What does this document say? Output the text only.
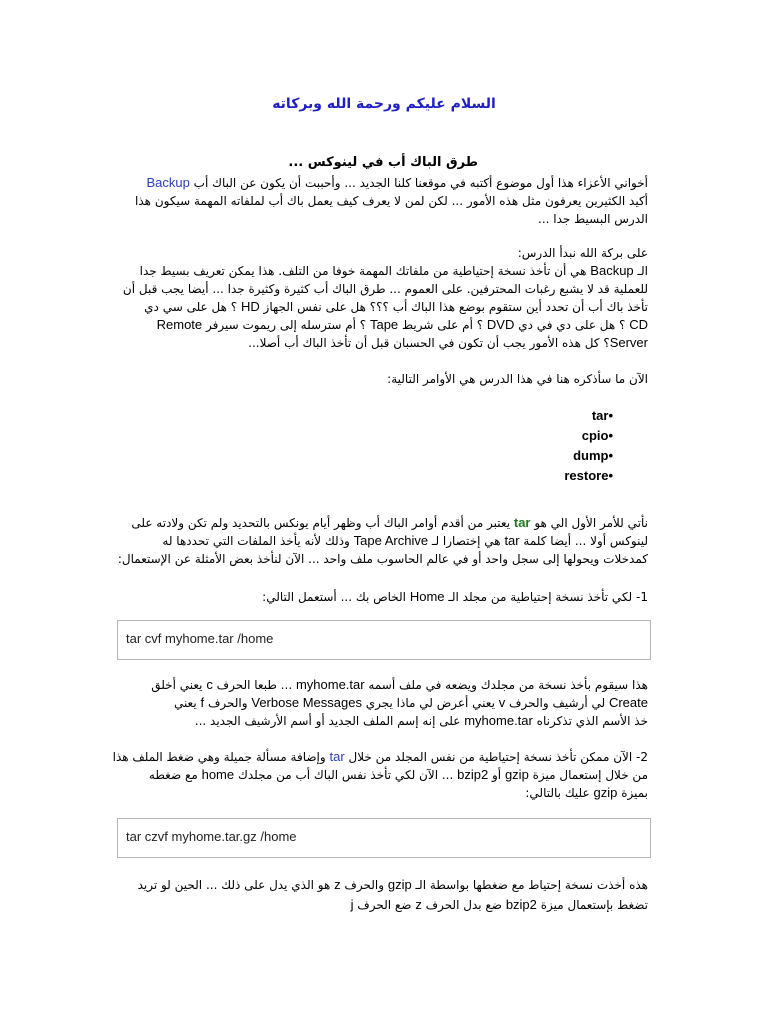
السلام عليكم ورحمة الله وبركاته
طرق الباك أب في لينوكس ...
أخواني الأعزاء هذا أول موضوع أكتبه في موقعنا كلنا الجديد ... وأحببت أن يكون عن الباك أب Backup
أكيد الكثيرين يعرفون مثل هذه الأمور ... لكن لمن لا يعرف كيف يعمل باك أب لملفاته المهمة سيكون هذا
الدرس البسيط جدا ...
على بركة الله نبدأ الدرس:
الـ Backup هي أن تأخذ نسخة إحتياطية من ملفاتك المهمة خوفا من التلف. هذا يمكن تعريف بسيط جدا
للعملية قد لا يشبع رغبات المحترفين. على العموم ... طرق الباك أب كثيرة وكثيرة جدا ... أيضا يجب قبل أن
تأخذ باك أب أن تحدد أين ستقوم بوضع هذا الباك أب ؟؟؟ هل على نفس الجهاز HD ؟ هل على سي دي
CD ؟ هل على دي في دي DVD ؟ أم على شريط Tape ؟ أم سترسله إلى ريموت سيرفر Remote
Server؟ كل هذه الأمور يجب أن تكون في الحسبان قبل أن تأخذ الباك أب أصلا...
الآن ما سأذكره هنا في هذا الدرس هي الأوامر التالية:
tar•
cpio•
dump•
restore•
نأتي للأمر الأول الي هو tar يعتبر من أقدم أوامر الباك أب وظهر أيام يونكس بالتحديد ولم تكن ولادته على
لينوكس أولا ... أيضا كلمة tar هي إختصارا لـ Tape Archive وذلك لأنه يأخذ الملفات التي تحددها له
كمدخلات ويحولها إلى سجل واحد أو في عالم الحاسوب ملف واحد ... الآن لنأخذ بعض الأمثلة عن الإستعمال:
1- لكي تأخذ نسخة إحتياطية من مجلد الـ Home الخاص بك ... أستعمل التالي:
tar cvf myhome.tar /home
هذا سيقوم بأخذ نسخة من مجلدك ويضعه في ملف أسمه myhome.tar ... طبعا الحرف c يعني أخلق
Create لي أرشيف والحرف v يعني أعرض لي ماذا يجري Verbose Messages والحرف f يعني
خذ الأسم الذي تذكرناه myhome.tar على إنه إسم الملف الجديد أو أسم الأرشيف الجديد ...
2- الآن ممكن تأخذ نسخة إحتياطية من نفس المجلد من خلال tar وإضافة مسألة جميلة وهي ضغط الملف هذا
من خلال إستعمال ميزة gzip أو bzip2 ... الآن لكي تأخذ نفس الباك أب من مجلدك home مع ضغطه
بميزة gzip عليك بالتالي:
tar czvf myhome.tar.gz /home
هذه أخذت نسخة إحتياط مع ضغطها بواسطة الـ gzip والحرف z هو الذي يدل على ذلك ... الحين لو تريد
تضغط بإستعمال ميزة bzip2 ضع بدل الحرف z ضع الحرف j
